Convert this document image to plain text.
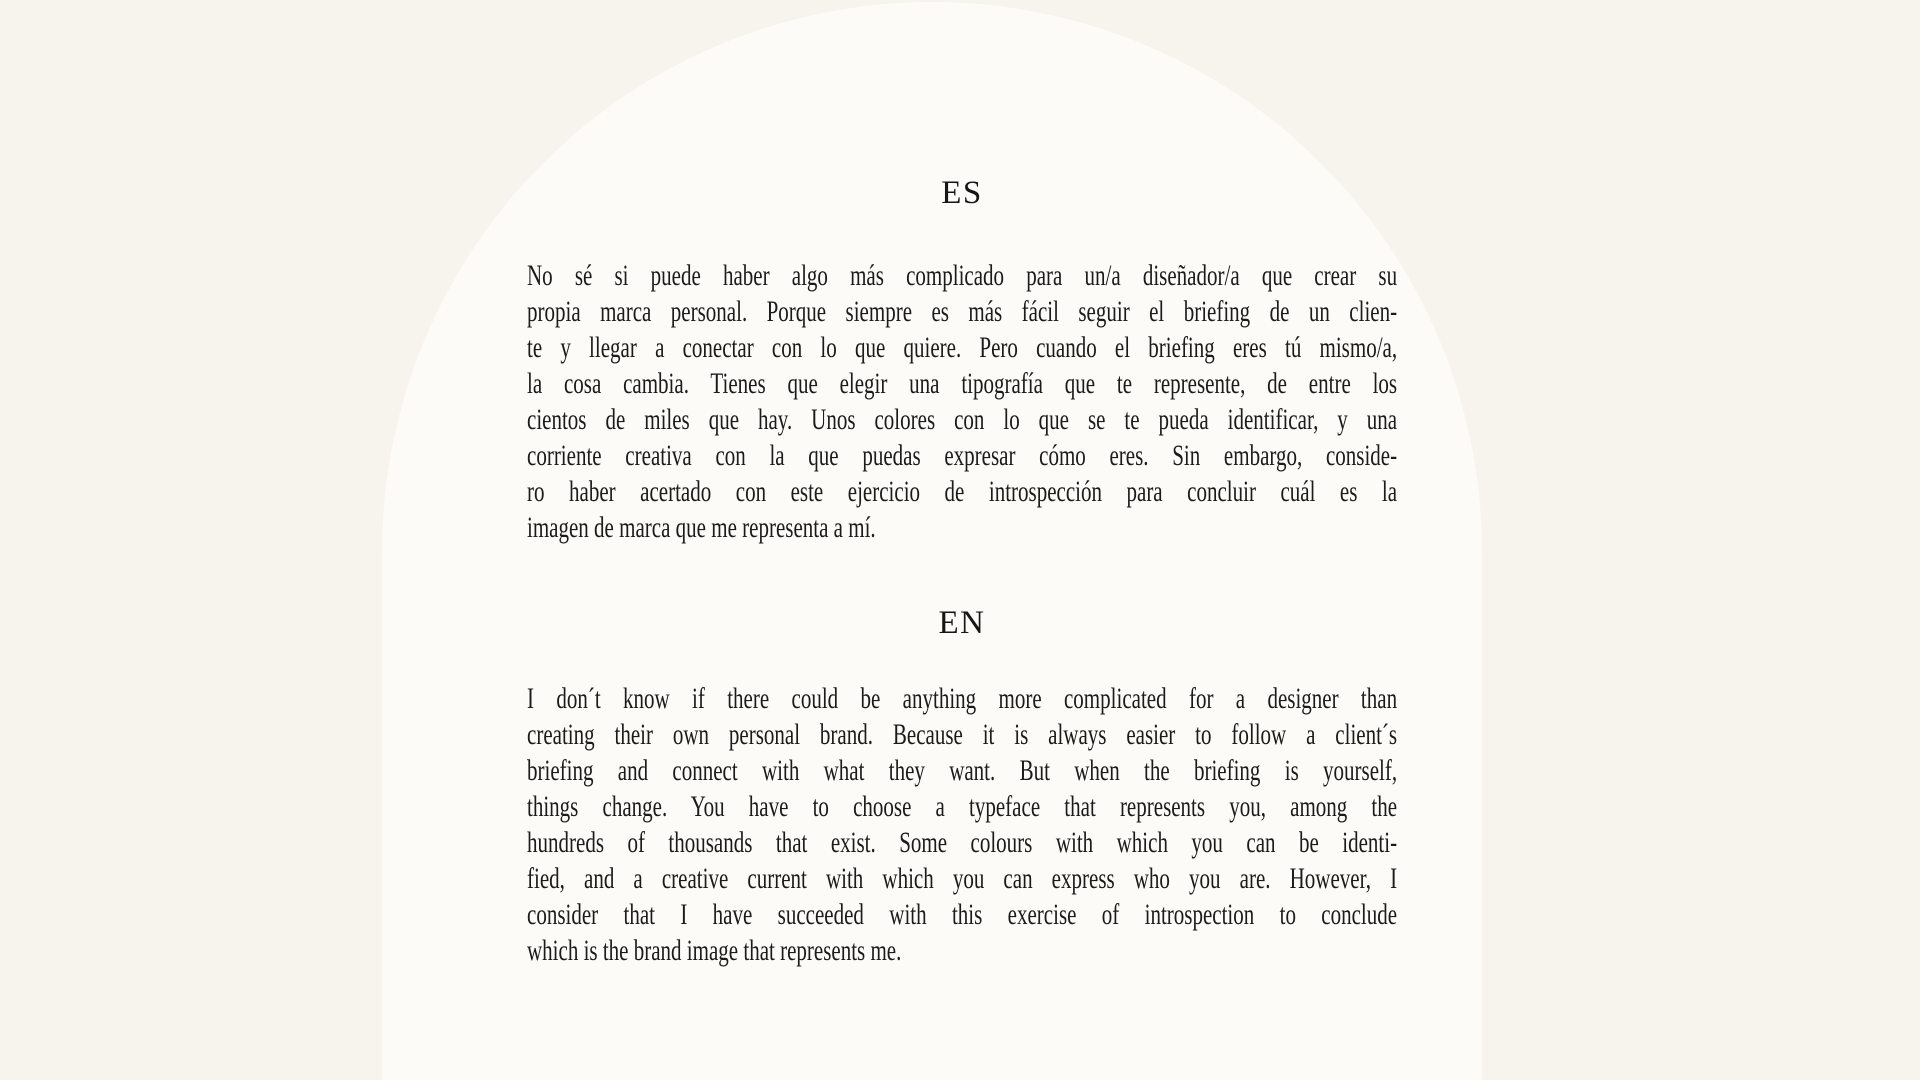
ES
No sé si puede haber algo más complicado para un/a diseñador/a que crear su
propia marca personal. Porque siempre es más fácil seguir el briefing de un clien-
te y llegar a conectar con lo que quiere. Pero cuando el briefing eres tú mismo/a,
la cosa cambia. Tienes que elegir una tipografía que te represente, de entre los
cientos de miles que hay. Unos colores con lo que se te pueda identificar, y una
corriente creativa con la que puedas expresar cómo eres. Sin embargo, conside-
ro haber acertado con este ejercicio de introspección para concluir cuál es la
imagen de marca que me representa a mí.
EN
I don´t know if there could be anything more complicated for a designer than
creating their own personal brand. Because it is always easier to follow a client´s
briefing and connect with what they want. But when the briefing is yourself,
things change. You have to choose a typeface that represents you, among the
hundreds of thousands that exist. Some colours with which you can be identi-
fied, and a creative current with which you can express who you are. However, I
consider that I have succeeded with this exercise of introspection to conclude
which is the brand image that represents me.
